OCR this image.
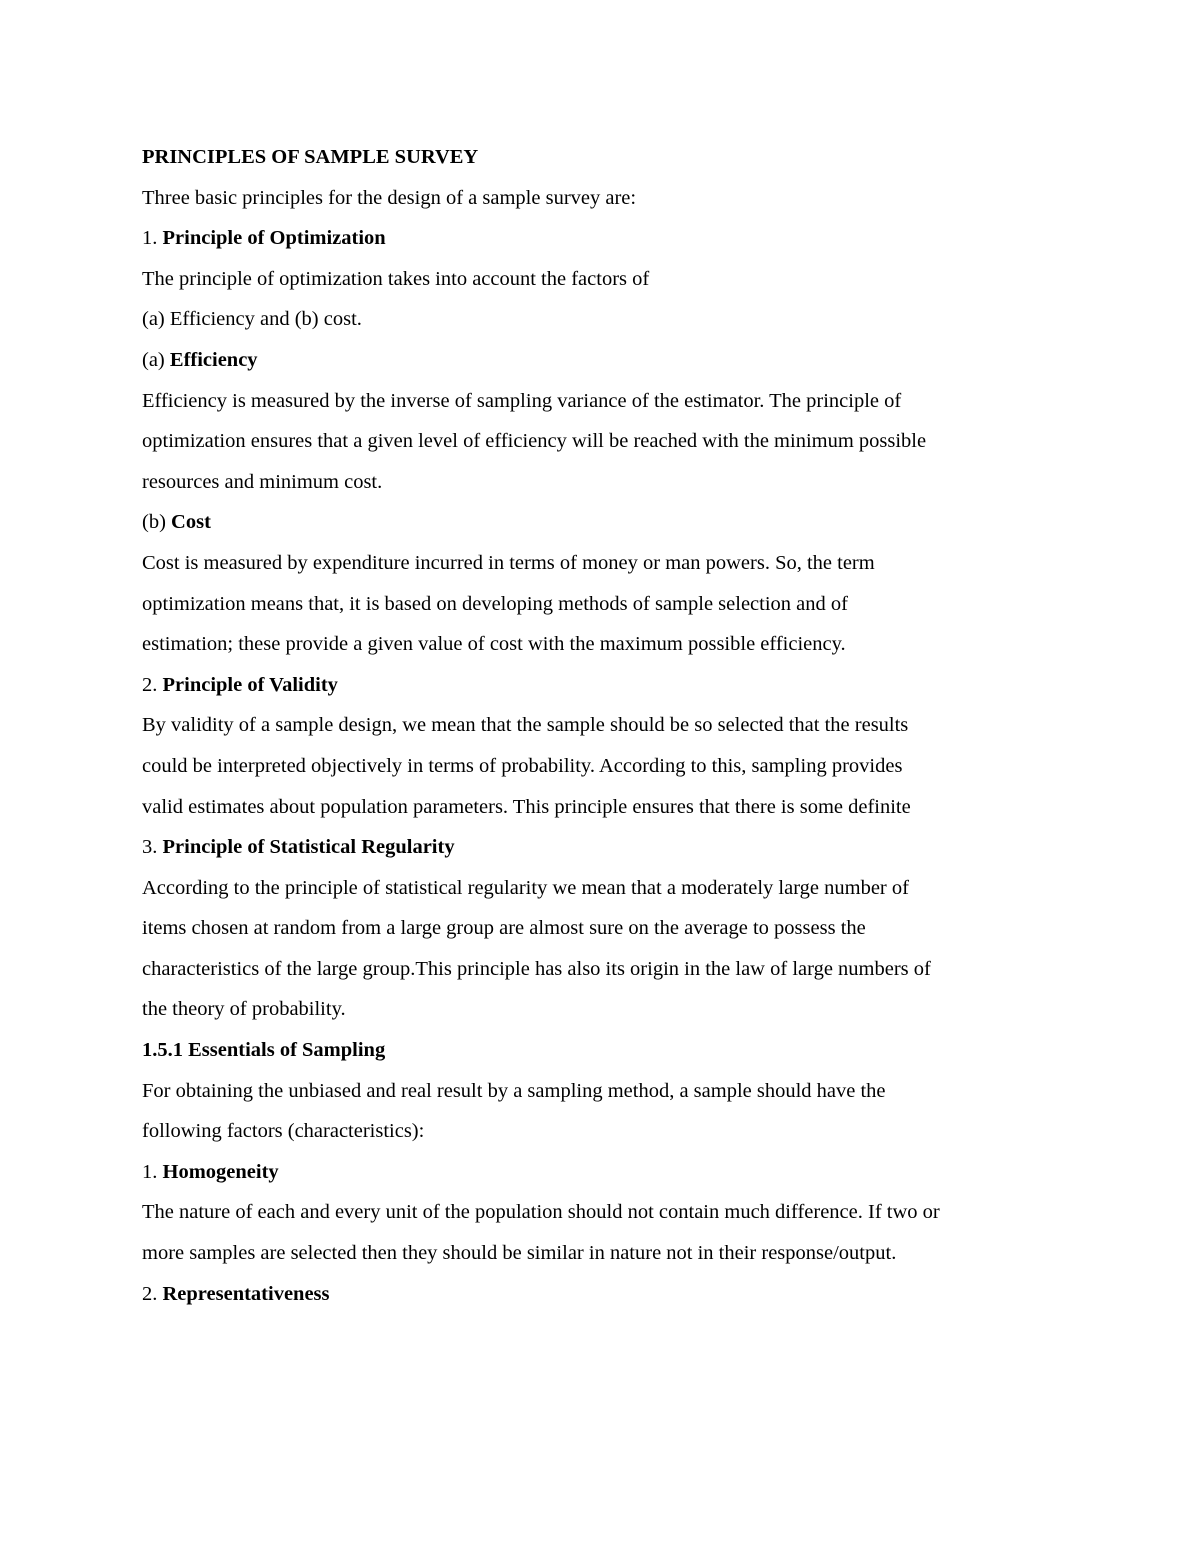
PRINCIPLES OF SAMPLE SURVEY
Three basic principles for the design of a sample survey are:
1. Principle of Optimization
The principle of optimization takes into account the factors of
(a) Efficiency and (b) cost.
(a) Efficiency
Efficiency is measured by the inverse of sampling variance of the estimator. The principle of
optimization ensures that a given level of efficiency will be reached with the minimum possible
resources and minimum cost.
(b) Cost
Cost is measured by expenditure incurred in terms of money or man powers. So, the term
optimization means that, it is based on developing methods of sample selection and of
estimation; these provide a given value of cost with the maximum possible efficiency.
2. Principle of Validity
By validity of a sample design, we mean that the sample should be so selected that the results
could be interpreted objectively in terms of probability. According to this, sampling provides
valid estimates about population parameters. This principle ensures that there is some definite
3. Principle of Statistical Regularity
According to the principle of statistical regularity we mean that a moderately large number of
items chosen at random from a large group are almost sure on the average to possess the
characteristics of the large group.This principle has also its origin in the law of large numbers of
the theory of probability.
1.5.1 Essentials of Sampling
For obtaining the unbiased and real result by a sampling method, a sample should have the
following factors (characteristics):
1. Homogeneity
The nature of each and every unit of the population should not contain much difference. If two or
more samples are selected then they should be similar in nature not in their response/output.
2. Representativeness
